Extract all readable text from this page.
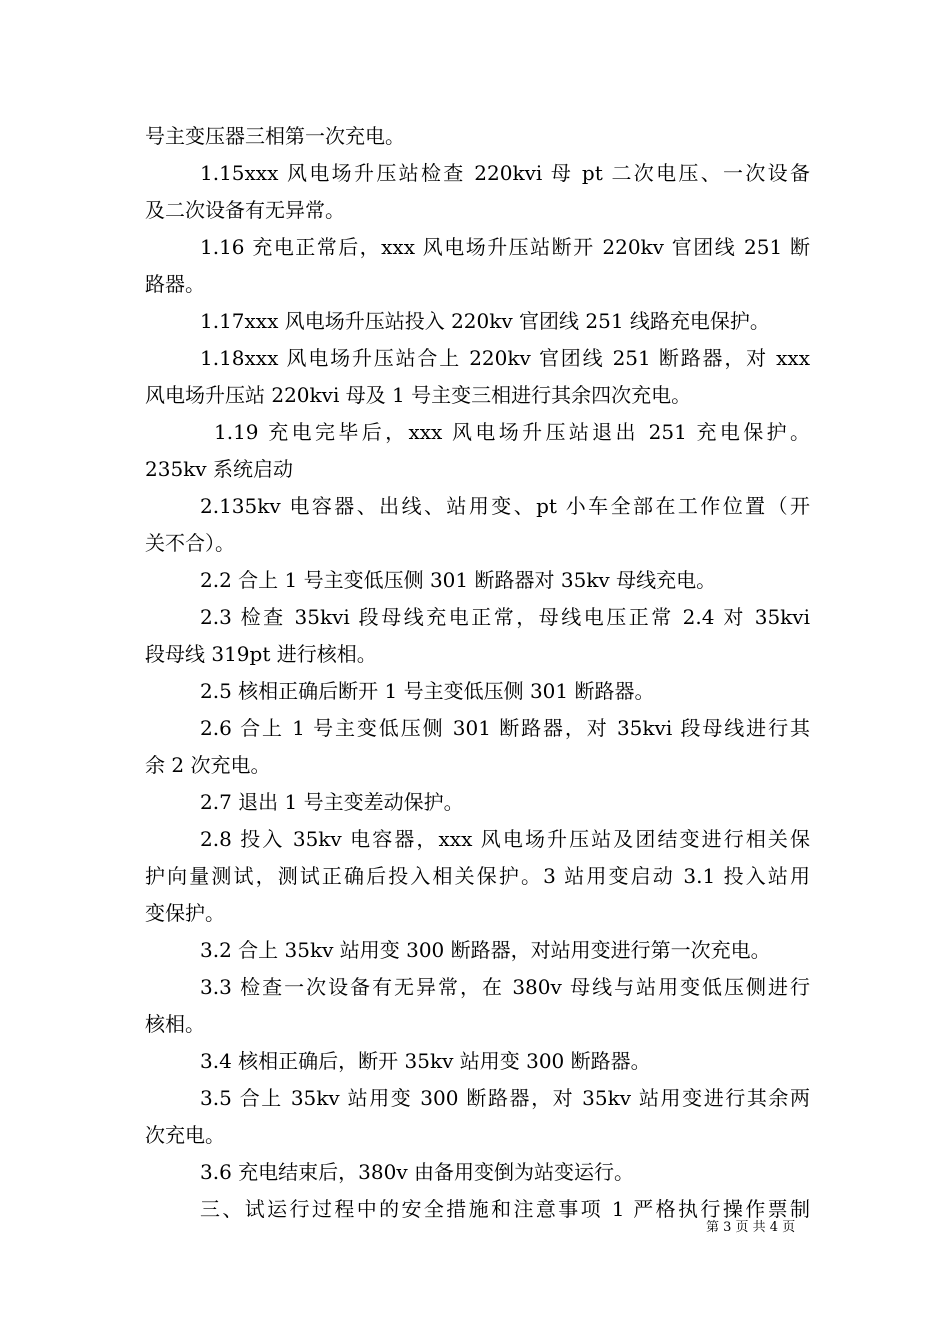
号主变压器三相第一次充电。
1.15xxx 风电场升压站检查 220kvi 母 pt 二次电压、一次设备
及二次设备有无异常。
1.16 充电正常后，xxx 风电场升压站断开 220kv 官团线 251 断
路器。
1.17xxx 风电场升压站投入 220kv 官团线 251 线路充电保护。
1.18xxx 风电场升压站合上 220kv 官团线 251 断路器，对 xxx
风电场升压站 220kvi 母及 1 号主变三相进行其余四次充电。
1.19 充电完毕后，xxx 风电场升压站退出 251 充电保护。
235kv 系统启动
2.135kv 电容器、出线、站用变、pt 小车全部在工作位置（开
关不合）。
2.2 合上 1 号主变低压侧 301 断路器对 35kv 母线充电。
2.3 检查 35kvi 段母线充电正常，母线电压正常 2.4 对 35kvi
段母线 319pt 进行核相。
2.5 核相正确后断开 1 号主变低压侧 301 断路器。
2.6 合上 1 号主变低压侧 301 断路器，对 35kvi 段母线进行其
余 2 次充电。
2.7 退出 1 号主变差动保护。
2.8 投入 35kv 电容器，xxx 风电场升压站及团结变进行相关保
护向量测试，测试正确后投入相关保护。3 站用变启动 3.1 投入站用
变保护。
3.2 合上 35kv 站用变 300 断路器，对站用变进行第一次充电。
3.3 检查一次设备有无异常，在 380v 母线与站用变低压侧进行
核相。
3.4 核相正确后，断开 35kv 站用变 300 断路器。
3.5 合上 35kv 站用变 300 断路器，对 35kv 站用变进行其余两
次充电。
3.6 充电结束后，380v 由备用变倒为站变运行。
三、试运行过程中的安全措施和注意事项 1 严格执行操作票制
第 3 页 共 4 页
